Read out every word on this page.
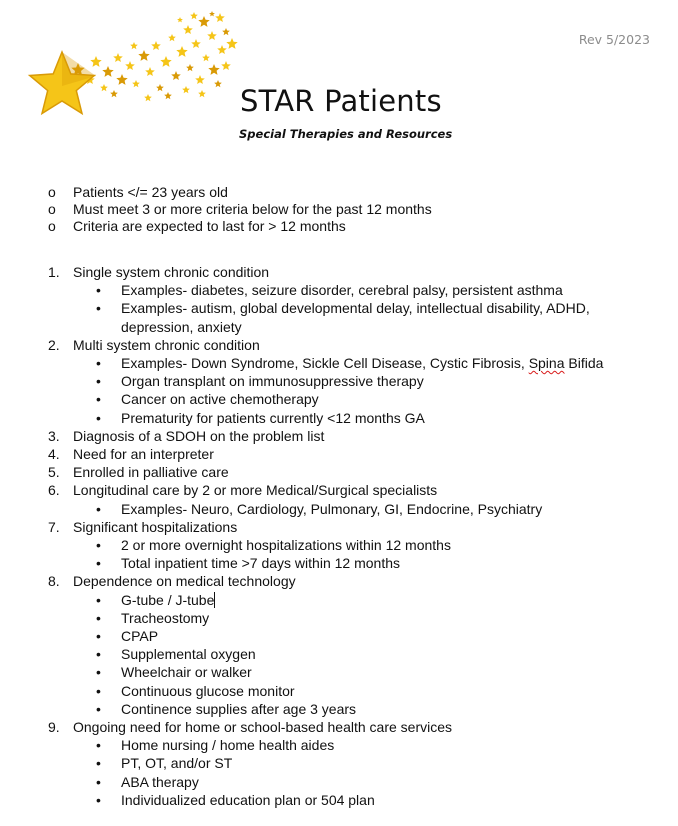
Rev 5/2023
STAR Patients
Special Therapies and Resources
o	Patients </= 23 years old
o	Must meet 3 or more criteria below for the past 12 months
o	Criteria are expected to last for > 12 months
1. Single system chronic condition
•	Examples- diabetes, seizure disorder, cerebral palsy, persistent asthma
•	Examples- autism, global developmental delay, intellectual disability, ADHD, depression, anxiety
2. Multi system chronic condition
•	Examples- Down Syndrome, Sickle Cell Disease, Cystic Fibrosis, Spina Bifida
•	Organ transplant on immunosuppressive therapy
•	Cancer on active chemotherapy
•	Prematurity for patients currently <12 months GA
3. Diagnosis of a SDOH on the problem list
4. Need for an interpreter
5. Enrolled in palliative care
6. Longitudinal care by 2 or more Medical/Surgical specialists
•	Examples- Neuro, Cardiology, Pulmonary, GI, Endocrine, Psychiatry
7. Significant hospitalizations
•	2 or more overnight hospitalizations within 12 months
•	Total inpatient time >7 days within 12 months
8. Dependence on medical technology
•	G-tube / J-tube
•	Tracheostomy
•	CPAP
•	Supplemental oxygen
•	Wheelchair or walker
•	Continuous glucose monitor
•	Continence supplies after age 3 years
9. Ongoing need for home or school-based health care services
•	Home nursing / home health aides
•	PT, OT, and/or ST
•	ABA therapy
•	Individualized education plan or 504 plan
